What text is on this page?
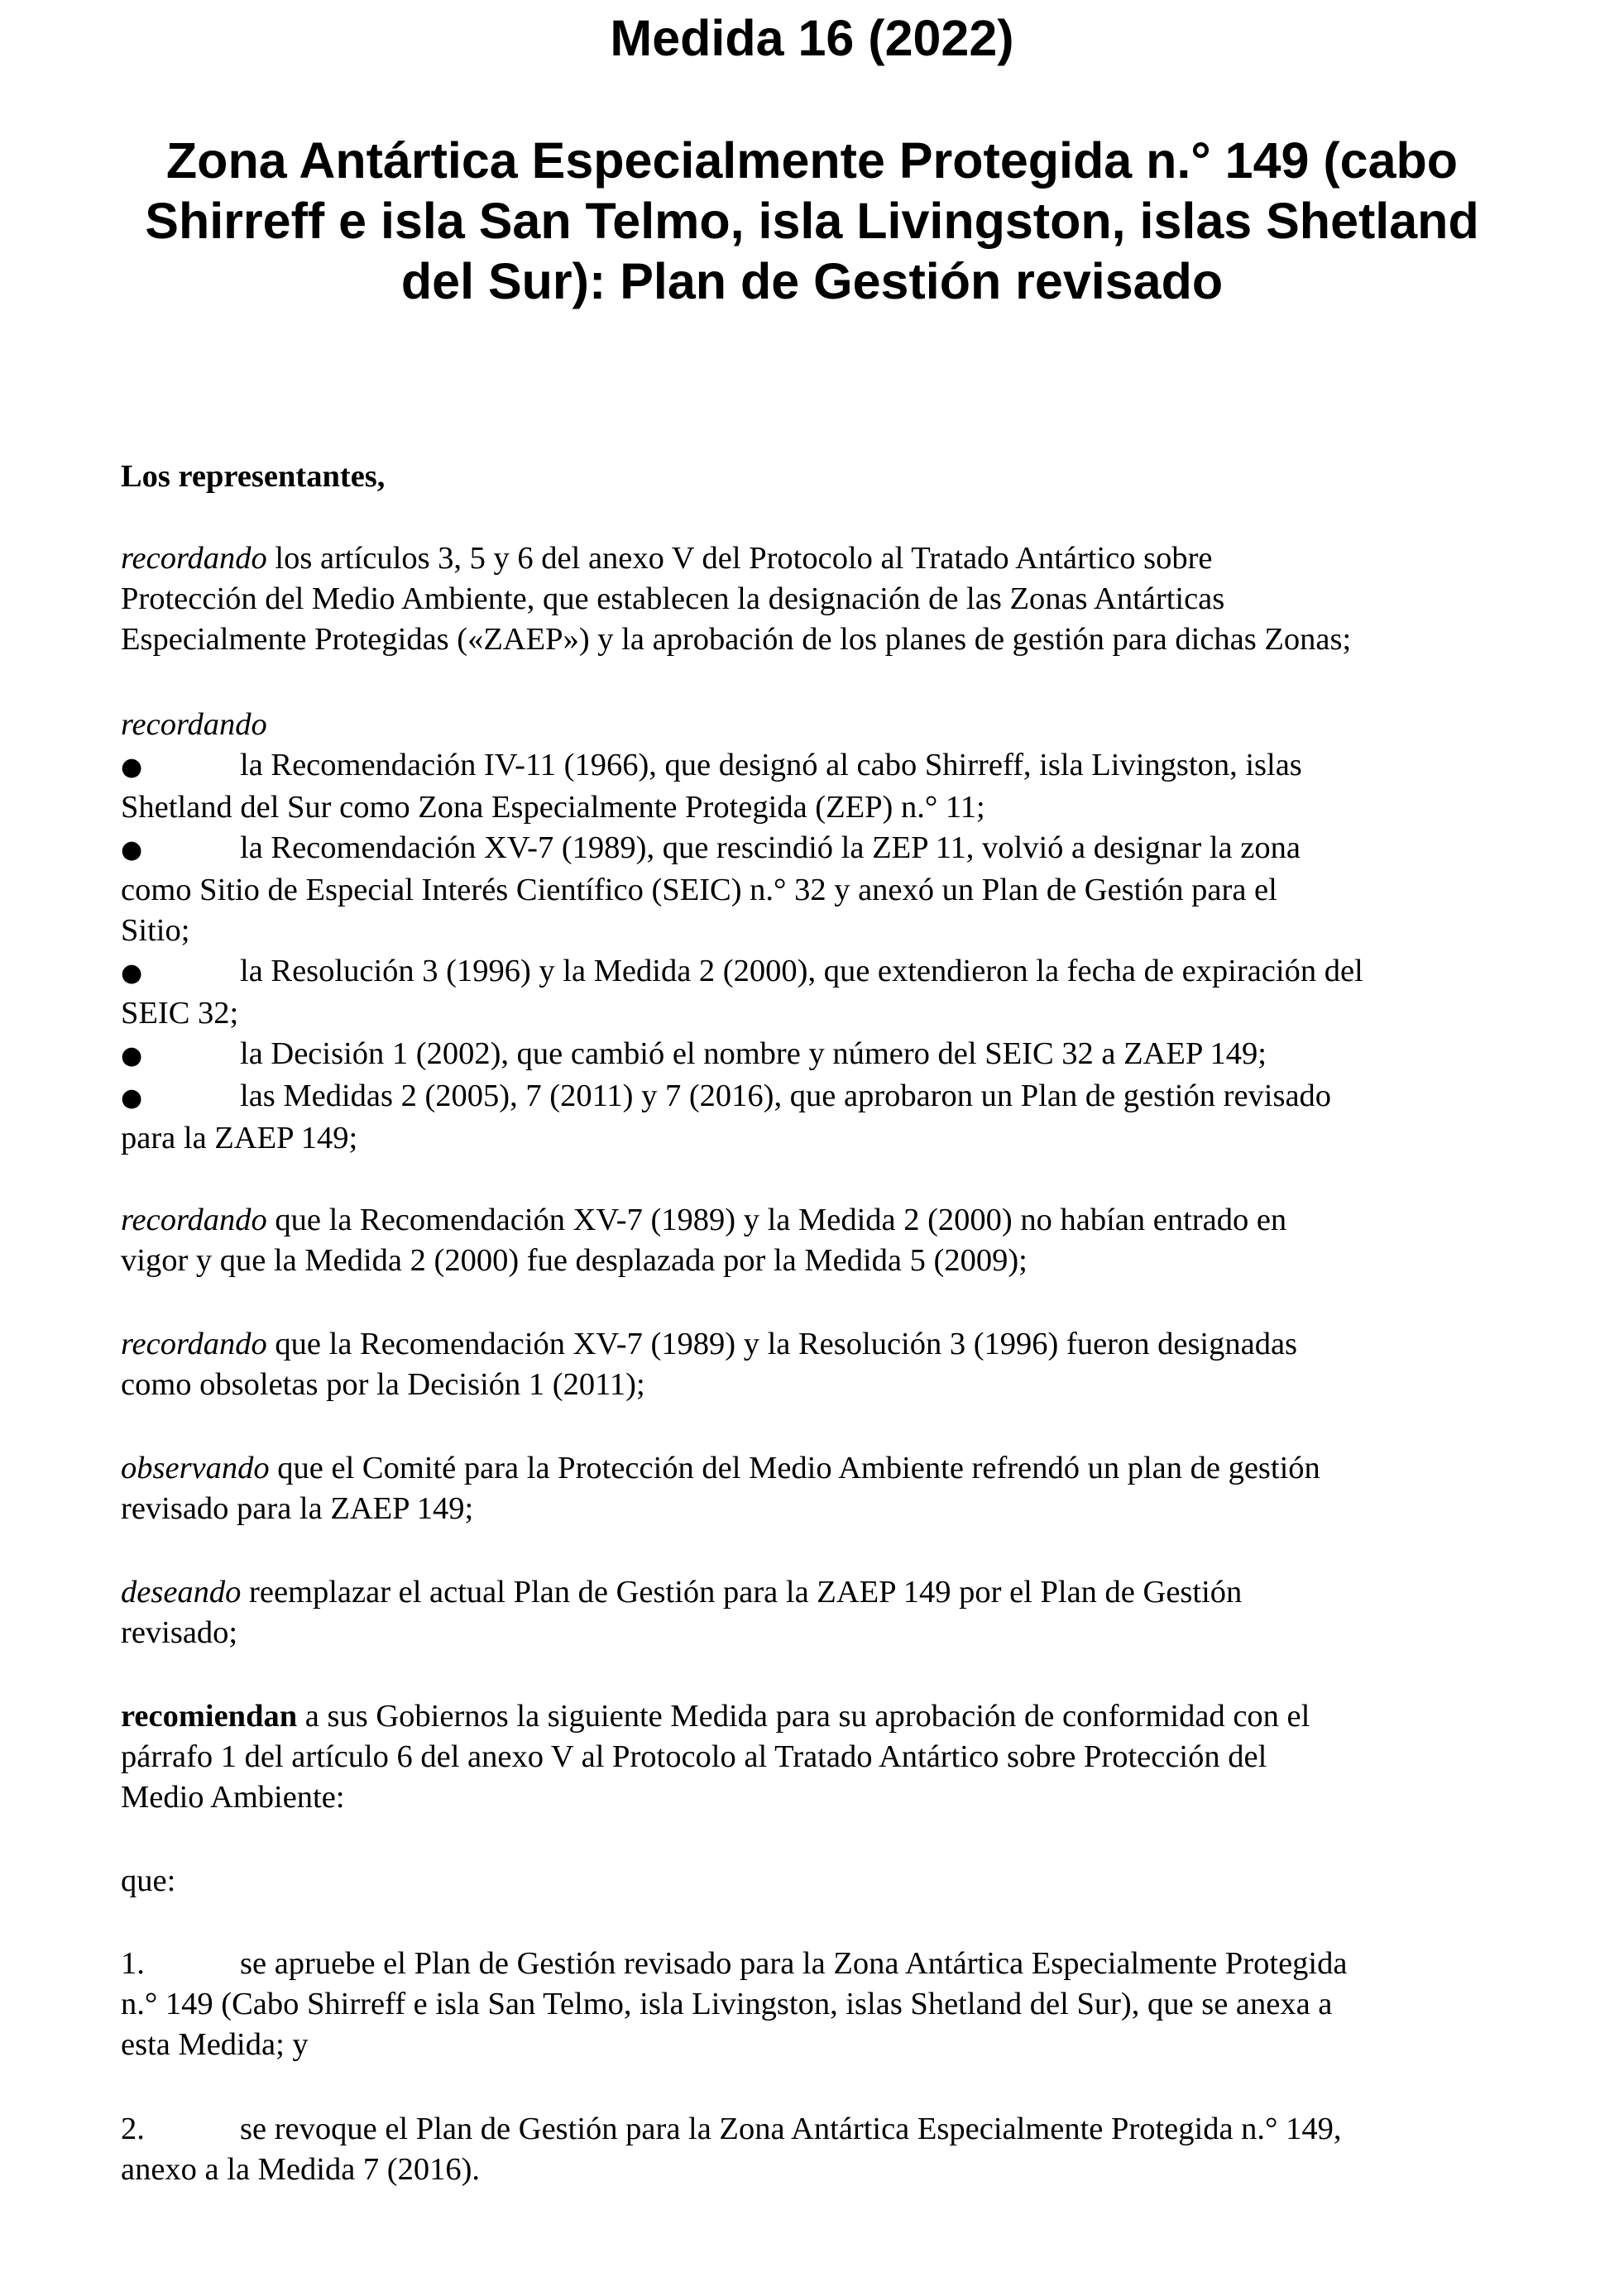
Medida 16 (2022)
Zona Antártica Especialmente Protegida n.° 149 (cabo
Shirreff e isla San Telmo, isla Livingston, islas Shetland
del Sur): Plan de Gestión revisado

Los representantes,

recordando los artículos 3, 5 y 6 del anexo V del Protocolo al Tratado Antártico sobre
Protección del Medio Ambiente, que establecen la designación de las Zonas Antárticas
Especialmente Protegidas («ZAEP») y la aprobación de los planes de gestión para dichas Zonas;

recordando
●	la Recomendación IV-11 (1966), que designó al cabo Shirreff, isla Livingston, islas
Shetland del Sur como Zona Especialmente Protegida (ZEP) n.° 11;
●	la Recomendación XV-7 (1989), que rescindió la ZEP 11, volvió a designar la zona
como Sitio de Especial Interés Científico (SEIC) n.° 32 y anexó un Plan de Gestión para el
Sitio;
●	la Resolución 3 (1996) y la Medida 2 (2000), que extendieron la fecha de expiración del
SEIC 32;
●	la Decisión 1 (2002), que cambió el nombre y número del SEIC 32 a ZAEP 149;
●	las Medidas 2 (2005), 7 (2011) y 7 (2016), que aprobaron un Plan de gestión revisado
para la ZAEP 149;

recordando que la Recomendación XV-7 (1989) y la Medida 2 (2000) no habían entrado en
vigor y que la Medida 2 (2000) fue desplazada por la Medida 5 (2009);

recordando que la Recomendación XV-7 (1989) y la Resolución 3 (1996) fueron designadas
como obsoletas por la Decisión 1 (2011);

observando que el Comité para la Protección del Medio Ambiente refrendó un plan de gestión
revisado para la ZAEP 149;

deseando reemplazar el actual Plan de Gestión para la ZAEP 149 por el Plan de Gestión
revisado;

recomiendan a sus Gobiernos la siguiente Medida para su aprobación de conformidad con el
párrafo 1 del artículo 6 del anexo V al Protocolo al Tratado Antártico sobre Protección del
Medio Ambiente:

que:

1.	se apruebe el Plan de Gestión revisado para la Zona Antártica Especialmente Protegida
n.° 149 (Cabo Shirreff e isla San Telmo, isla Livingston, islas Shetland del Sur), que se anexa a
esta Medida; y

2.	se revoque el Plan de Gestión para la Zona Antártica Especialmente Protegida n.° 149,
anexo a la Medida 7 (2016).
